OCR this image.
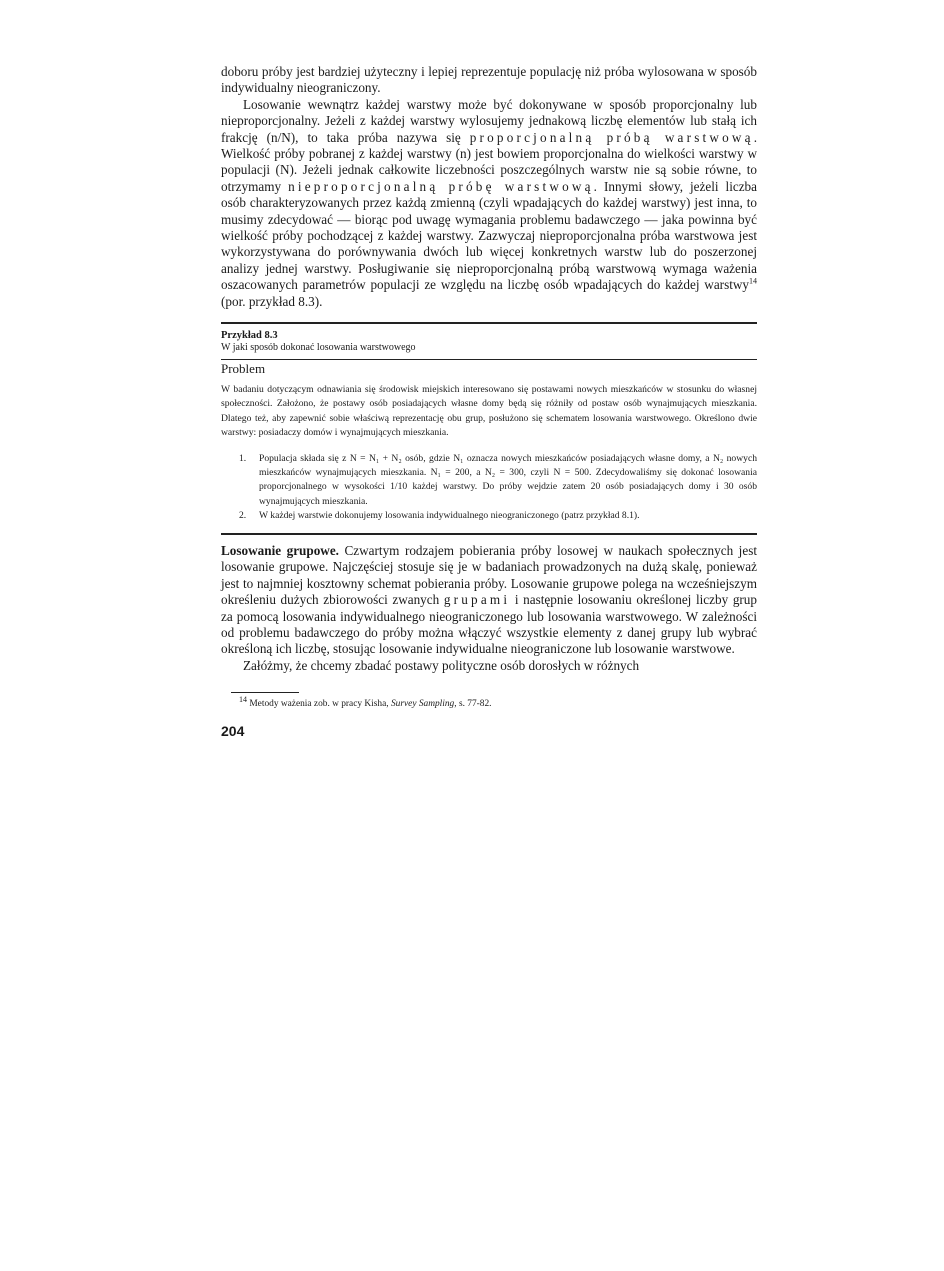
doboru próby jest bardziej użyteczny i lepiej reprezentuje populację niż próba wylosowana w sposób indywidualny nieograniczony.

Losowanie wewnątrz każdej warstwy może być dokonywane w sposób proporcjonalny lub nieproporcjonalny. Jeżeli z każdej warstwy wylosujemy jednakową liczbę elementów lub stałą ich frakcję (n/N), to taka próba nazywa się proporcjonalną próbą warstwową. Wielkość próby pobranej z każdej warstwy (n) jest bowiem proporcjonalna do wielkości warstwy w populacji (N). Jeżeli jednak całkowite liczebności poszczególnych warstw nie są sobie równe, to otrzymamy nieproporcjonalną próbę warstwową. Innymi słowy, jeżeli liczba osób charakteryzowanych przez każdą zmienną (czyli wpadających do każdej warstwy) jest inna, to musimy zdecydować — biorąc pod uwagę wymagania problemu badawczego — jaka powinna być wielkość próby pochodzącej z każdej warstwy. Zazwyczaj nieproporcjonalna próba warstwowa jest wykorzystywana do porównywania dwóch lub więcej konkretnych warstw lub do poszerzonej analizy jednej warstwy. Posługiwanie się nieproporcjonalną próbą warstwową wymaga ważenia oszacowanych parametrów populacji ze względu na liczbę osób wpadających do każdej warstwy$^{14}$ (por. przykład 8.3).

Przykład 8.3
W jaki sposób dokonać losowania warstwowego
Problem

W badaniu dotyczącym odnawiania się środowisk miejskich interesowano się postawami nowych mieszkańców w stosunku do własnej społeczności. Założono, że postawy osób posiadających własne domy będą się różniły od postaw osób wynajmujących mieszkania. Dlatego też, aby zapewnić sobie właściwą reprezentację obu grup, posłużono się schematem losowania warstwowego. Określono dwie warstwy: posiadaczy domów i wynajmujących mieszkania.

1.	Populacja składa się z N = N₁ + N₂ osób, gdzie N₁ oznacza nowych mieszkańców posiadających własne domy, a N₂ nowych mieszkańców wynajmujących mieszkania. N₁ = 200, a N₂ = 300, czyli N = 500. Zdecydowaliśmy się dokonać losowania proporcjonalnego w wysokości 1/10 każdej warstwy. Do próby wejdzie zatem 20 osób posiadających domy i 30 osób wynajmujących mieszkania.
2.	W każdej warstwie dokonujemy losowania indywidualnego nieograniczonego (patrz przykład 8.1).

Losowanie grupowe. Czwartym rodzajem pobierania próby losowej w naukach społecznych jest losowanie grupowe. Najczęściej stosuje się je w badaniach prowadzonych na dużą skalę, ponieważ jest to najmniej kosztowny schemat pobierania próby. Losowanie grupowe polega na wcześniejszym określeniu dużych zbiorowości zwanych grupami i następnie losowaniu określonej liczby grup za pomocą losowania indywidualnego nieograniczonego lub losowania warstwowego. W zależności od problemu badawczego do próby można włączyć wszystkie elementy z danej grupy lub wybrać określoną ich liczbę, stosując losowanie indywidualne nieograniczone lub losowanie warstwowe.

Załóżmy, że chcemy zbadać postawy polityczne osób dorosłych w różnych

$^{14}$ Metody ważenia zob. w pracy Kisha, Survey Sampling, s. 77-82.

204
